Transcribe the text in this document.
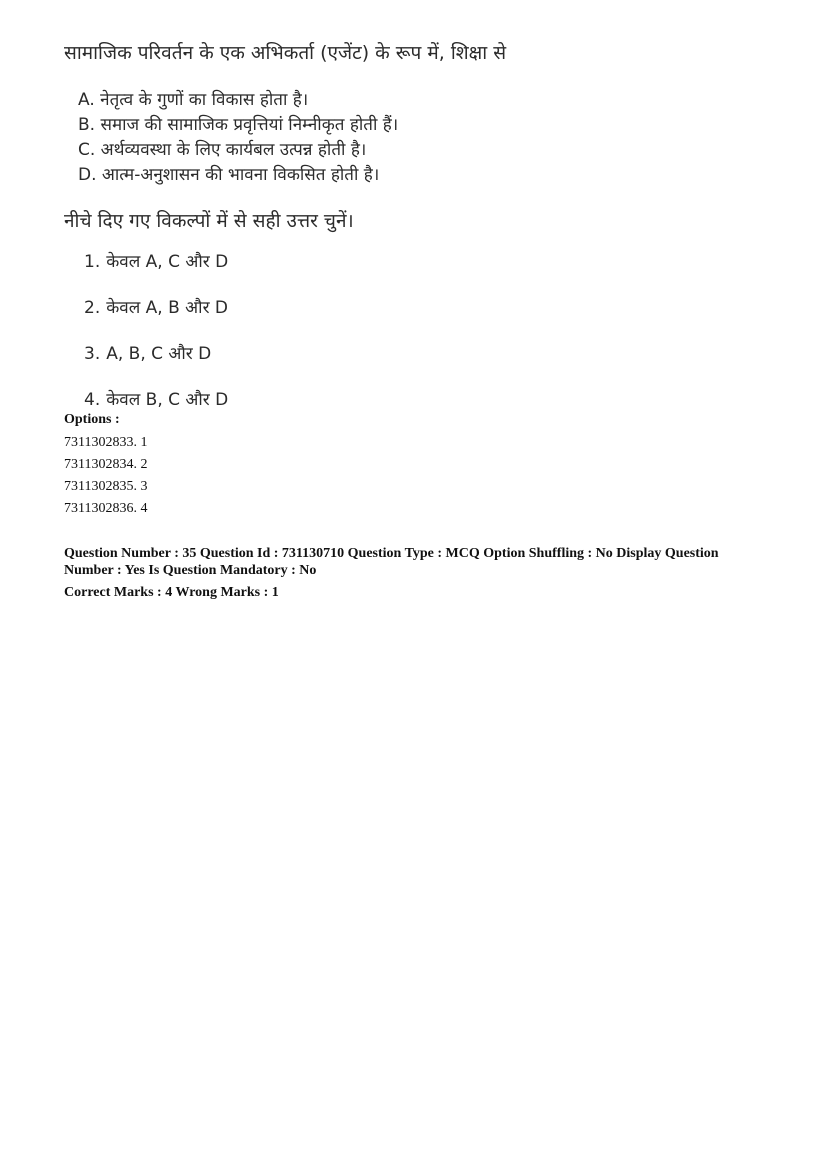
सामाजिक परिवर्तन के एक अभिकर्ता (एजेंट) के रूप में, शिक्षा से
A. नेतृत्व के गुणों का विकास होता है।
B. समाज की सामाजिक प्रवृत्तियां निम्नीकृत होती हैं।
C. अर्थव्यवस्था के लिए कार्यबल उत्पन्न होती है।
D. आत्म-अनुशासन की भावना विकसित होती है।
नीचे दिए गए विकल्पों में से सही उत्तर चुनें।
1. केवल A, C और D
2. केवल A, B और D
3. A, B, C और D
4. केवल B, C और D
Options :
7311302833. 1
7311302834. 2
7311302835. 3
7311302836. 4
Question Number : 35 Question Id : 731130710 Question Type : MCQ Option Shuffling : No Display Question Number : Yes Is Question Mandatory : No
Correct Marks : 4 Wrong Marks : 1
